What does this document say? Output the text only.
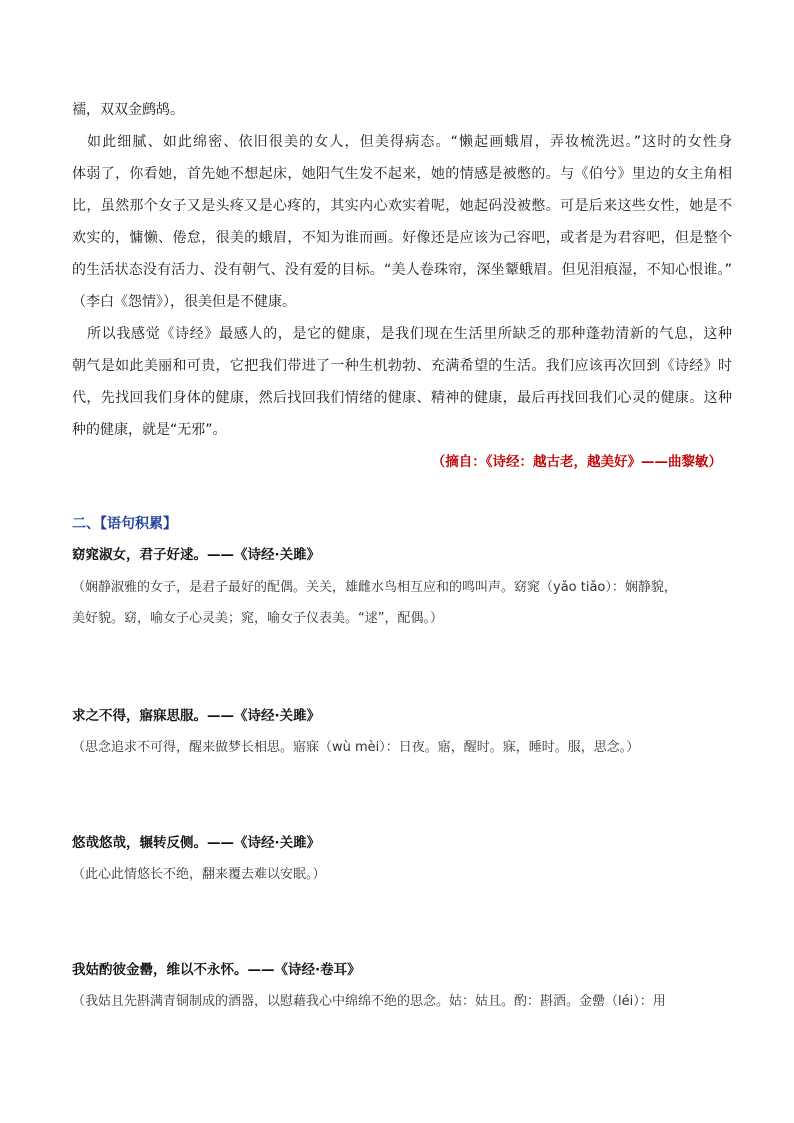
襦，双双金鹧鸪。
如此细腻、如此绵密、依旧很美的女人，但美得病态。“懒起画蛾眉，弄妆梳洗迟。”这时的女性身
体弱了，你看她，首先她不想起床，她阳气生发不起来，她的情感是被憋的。与《伯兮》里边的女主角相
比，虽然那个女子又是头疼又是心疼的，其实内心欢实着呢，她起码没被憋。可是后来这些女性，她是不
欢实的，慵懒、倦怠，很美的蛾眉，不知为谁而画。好像还是应该为己容吧，或者是为君容吧，但是整个
的生活状态没有活力、没有朝气、没有爱的目标。“美人卷珠帘，深坐颦蛾眉。但见泪痕湿，不知心恨谁。”
（李白《怨情》），很美但是不健康。
所以我感觉《诗经》最感人的，是它的健康，是我们现在生活里所缺乏的那种蓬勃清新的气息，这种
朝气是如此美丽和可贵，它把我们带进了一种生机勃勃、充满希望的生活。我们应该再次回到《诗经》时
代，先找回我们身体的健康，然后找回我们情绪的健康、精神的健康，最后再找回我们心灵的健康。这种
种的健康，就是“无邪”。
（摘自：《诗经：越古老，越美好》——曲黎敏）
二、【语句积累】
窈窕淑女，君子好逑。——《诗经·关雎》
（娴静淑雅的女子，是君子最好的配偶。关关，雄雌水鸟相互应和的鸣叫声。窈窕（yǎo tiǎo）：娴静貌，
美好貌。窈，喻女子心灵美；窕，喻女子仪表美。“逑”，配偶。）
求之不得，寤寐思服。——《诗经·关雎》
（思念追求不可得，醒来做梦长相思。寤寐（wù mèi）：日夜。寤，醒时。寐，睡时。服，思念。）
悠哉悠哉，辗转反侧。——《诗经·关雎》
（此心此情悠长不绝，翻来覆去难以安眠。）
我姑酌彼金罍，维以不永怀。——《诗经·卷耳》
（我姑且先斟满青铜制成的酒器，以慰藉我心中绵绵不绝的思念。姑：姑且。酌：斟酒。金罍（léi）：用
